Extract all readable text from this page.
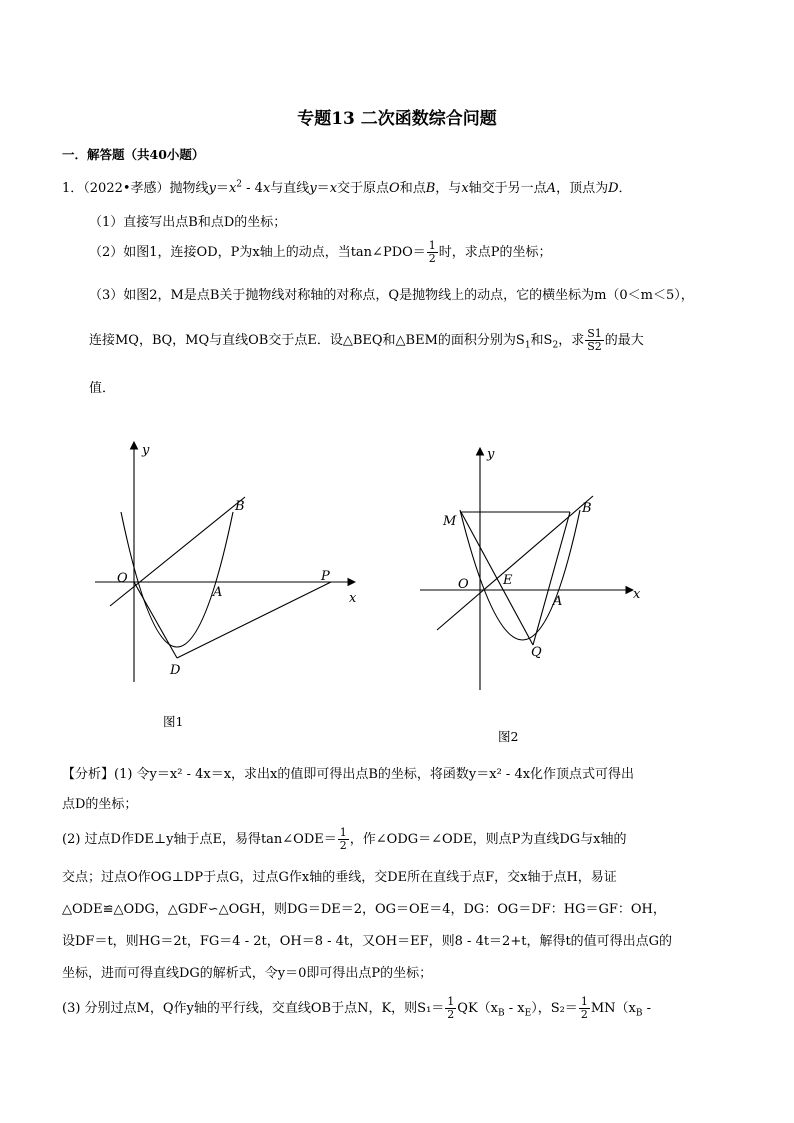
专题13 二次函数综合问题
一．解答题（共40小题）
1．（2022•孝感）抛物线$y=x^2 - 4x$与直线y＝x交于原点O和点B，与x轴交于另一点A，顶点为D．
（1）直接写出点B和点D的坐标；
（2）如图1，连接OD，P为x轴上的动点，当tan∠PDO＝ $\frac{1}{2}$ 时，求点P的坐标；
（3）如图2，M是点B关于抛物线对称轴的对称点，Q是抛物线上的动点，它的横坐标为m（0＜m＜5），
连接MQ，BQ，MQ与直线OB交于点E．设△BEQ和△BEM的面积分别为$S_1$和$S_2$，求 $\frac{S1}{S2}$ 的最大
值．
y
x
O
B
A
P
D
图1
y
x
O
B
A
M
E
Q
图2
【分析】(1) 令y＝x² - 4x＝x，求出x的值即可得出点B的坐标，将函数y＝x² - 4x化作顶点式可得出
点D的坐标；
(2) 过点D作DE⊥y轴于点E，易得tan∠ODE＝ $\frac{1}{2}$ ，作∠ODG＝∠ODE，则点P为直线DG与x轴的
交点；过点O作OG⊥DP于点G，过点G作x轴的垂线，交DE所在直线于点F，交x轴于点H，易证
△ODE≌△ODG，△GDF∽△OGH，则DG＝DE＝2，OG＝OE＝4，DG：OG＝DF：HG＝GF：OH，
设DF＝t，则HG＝2t，FG＝4 - 2t，OH＝8 - 4t，又OH＝EF，则8 - 4t＝2+t，解得t的值可得出点G的
坐标，进而可得直线DG的解析式，令y＝0即可得出点P的坐标；
(3) 分别过点M，Q作y轴的平行线，交直线OB于点N，K，则$S_1= \frac{1}{2} QK(x_B - x_E)$，$S_2= \frac{1}{2} MN(x_B$ -
